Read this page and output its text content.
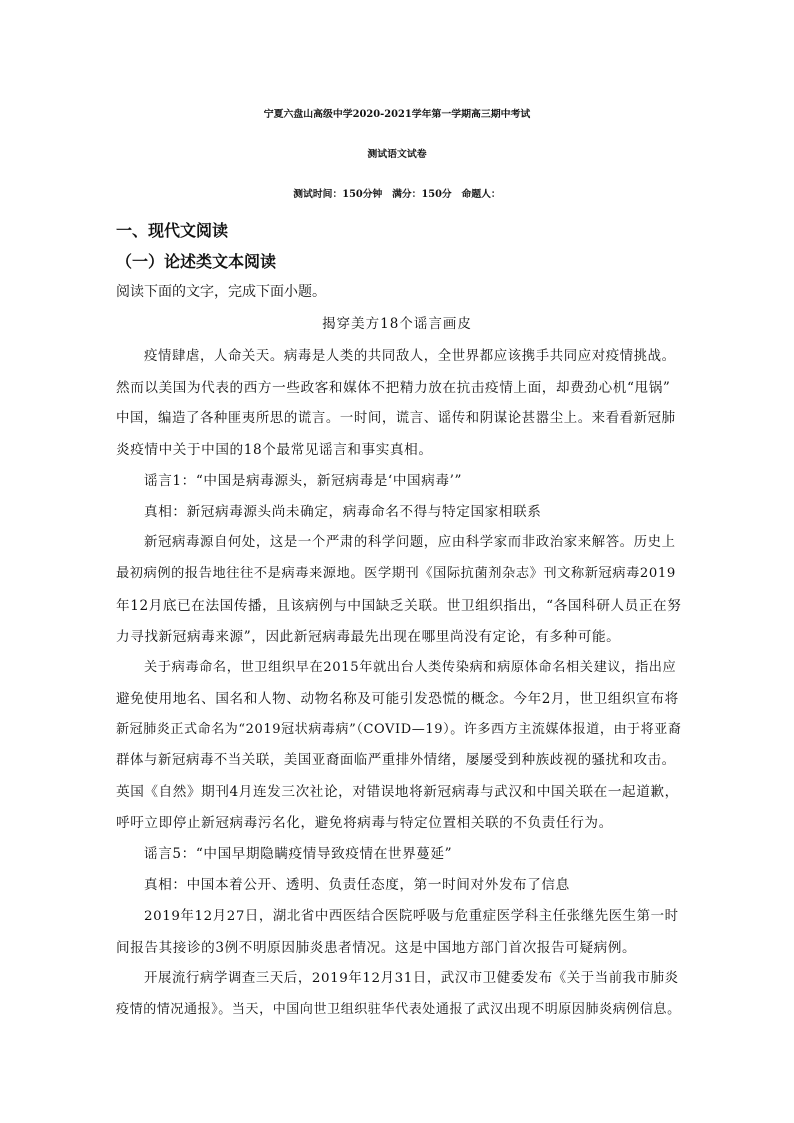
宁夏六盘山高级中学2020-2021学年第一学期高三期中考试
测试语文试卷
测试时间：150分钟　满分：150分　命题人：
一、现代文阅读
（一）论述类文本阅读
阅读下面的文字，完成下面小题。
揭穿美方18个谣言画皮
疫情肆虐，人命关天。病毒是人类的共同敌人，全世界都应该携手共同应对疫情挑战。
然而以美国为代表的西方一些政客和媒体不把精力放在抗击疫情上面，却费劲心机“甩锅”
中国，编造了各种匪夷所思的谎言。一时间，谎言、谣传和阴谋论甚嚣尘上。来看看新冠肺
炎疫情中关于中国的18个最常见谣言和事实真相。
谣言1：“中国是病毒源头，新冠病毒是‘中国病毒’”
真相：新冠病毒源头尚未确定，病毒命名不得与特定国家相联系
新冠病毒源自何处，这是一个严肃的科学问题，应由科学家而非政治家来解答。历史上
最初病例的报告地往往不是病毒来源地。医学期刊《国际抗菌剂杂志》刊文称新冠病毒2019
年12月底已在法国传播，且该病例与中国缺乏关联。世卫组织指出，“各国科研人员正在努
力寻找新冠病毒来源”，因此新冠病毒最先出现在哪里尚没有定论，有多种可能。
关于病毒命名，世卫组织早在2015年就出台人类传染病和病原体命名相关建议，指出应
避免使用地名、国名和人物、动物名称及可能引发恐慌的概念。今年2月，世卫组织宣布将
新冠肺炎正式命名为“2019冠状病毒病”（COVID—19）。许多西方主流媒体报道，由于将亚裔
群体与新冠病毒不当关联，美国亚裔面临严重排外情绪，屡屡受到种族歧视的骚扰和攻击。
英国《自然》期刊4月连发三次社论，对错误地将新冠病毒与武汉和中国关联在一起道歉，
呼吁立即停止新冠病毒污名化，避免将病毒与特定位置相关联的不负责任行为。
谣言5：“中国早期隐瞒疫情导致疫情在世界蔓延”
真相：中国本着公开、透明、负责任态度，第一时间对外发布了信息
2019年12月27日，湖北省中西医结合医院呼吸与危重症医学科主任张继先医生第一时
间报告其接诊的3例不明原因肺炎患者情况。这是中国地方部门首次报告可疑病例。
开展流行病学调查三天后，2019年12月31日，武汉市卫健委发布《关于当前我市肺炎
疫情的情况通报》。当天，中国向世卫组织驻华代表处通报了武汉出现不明原因肺炎病例信息。
